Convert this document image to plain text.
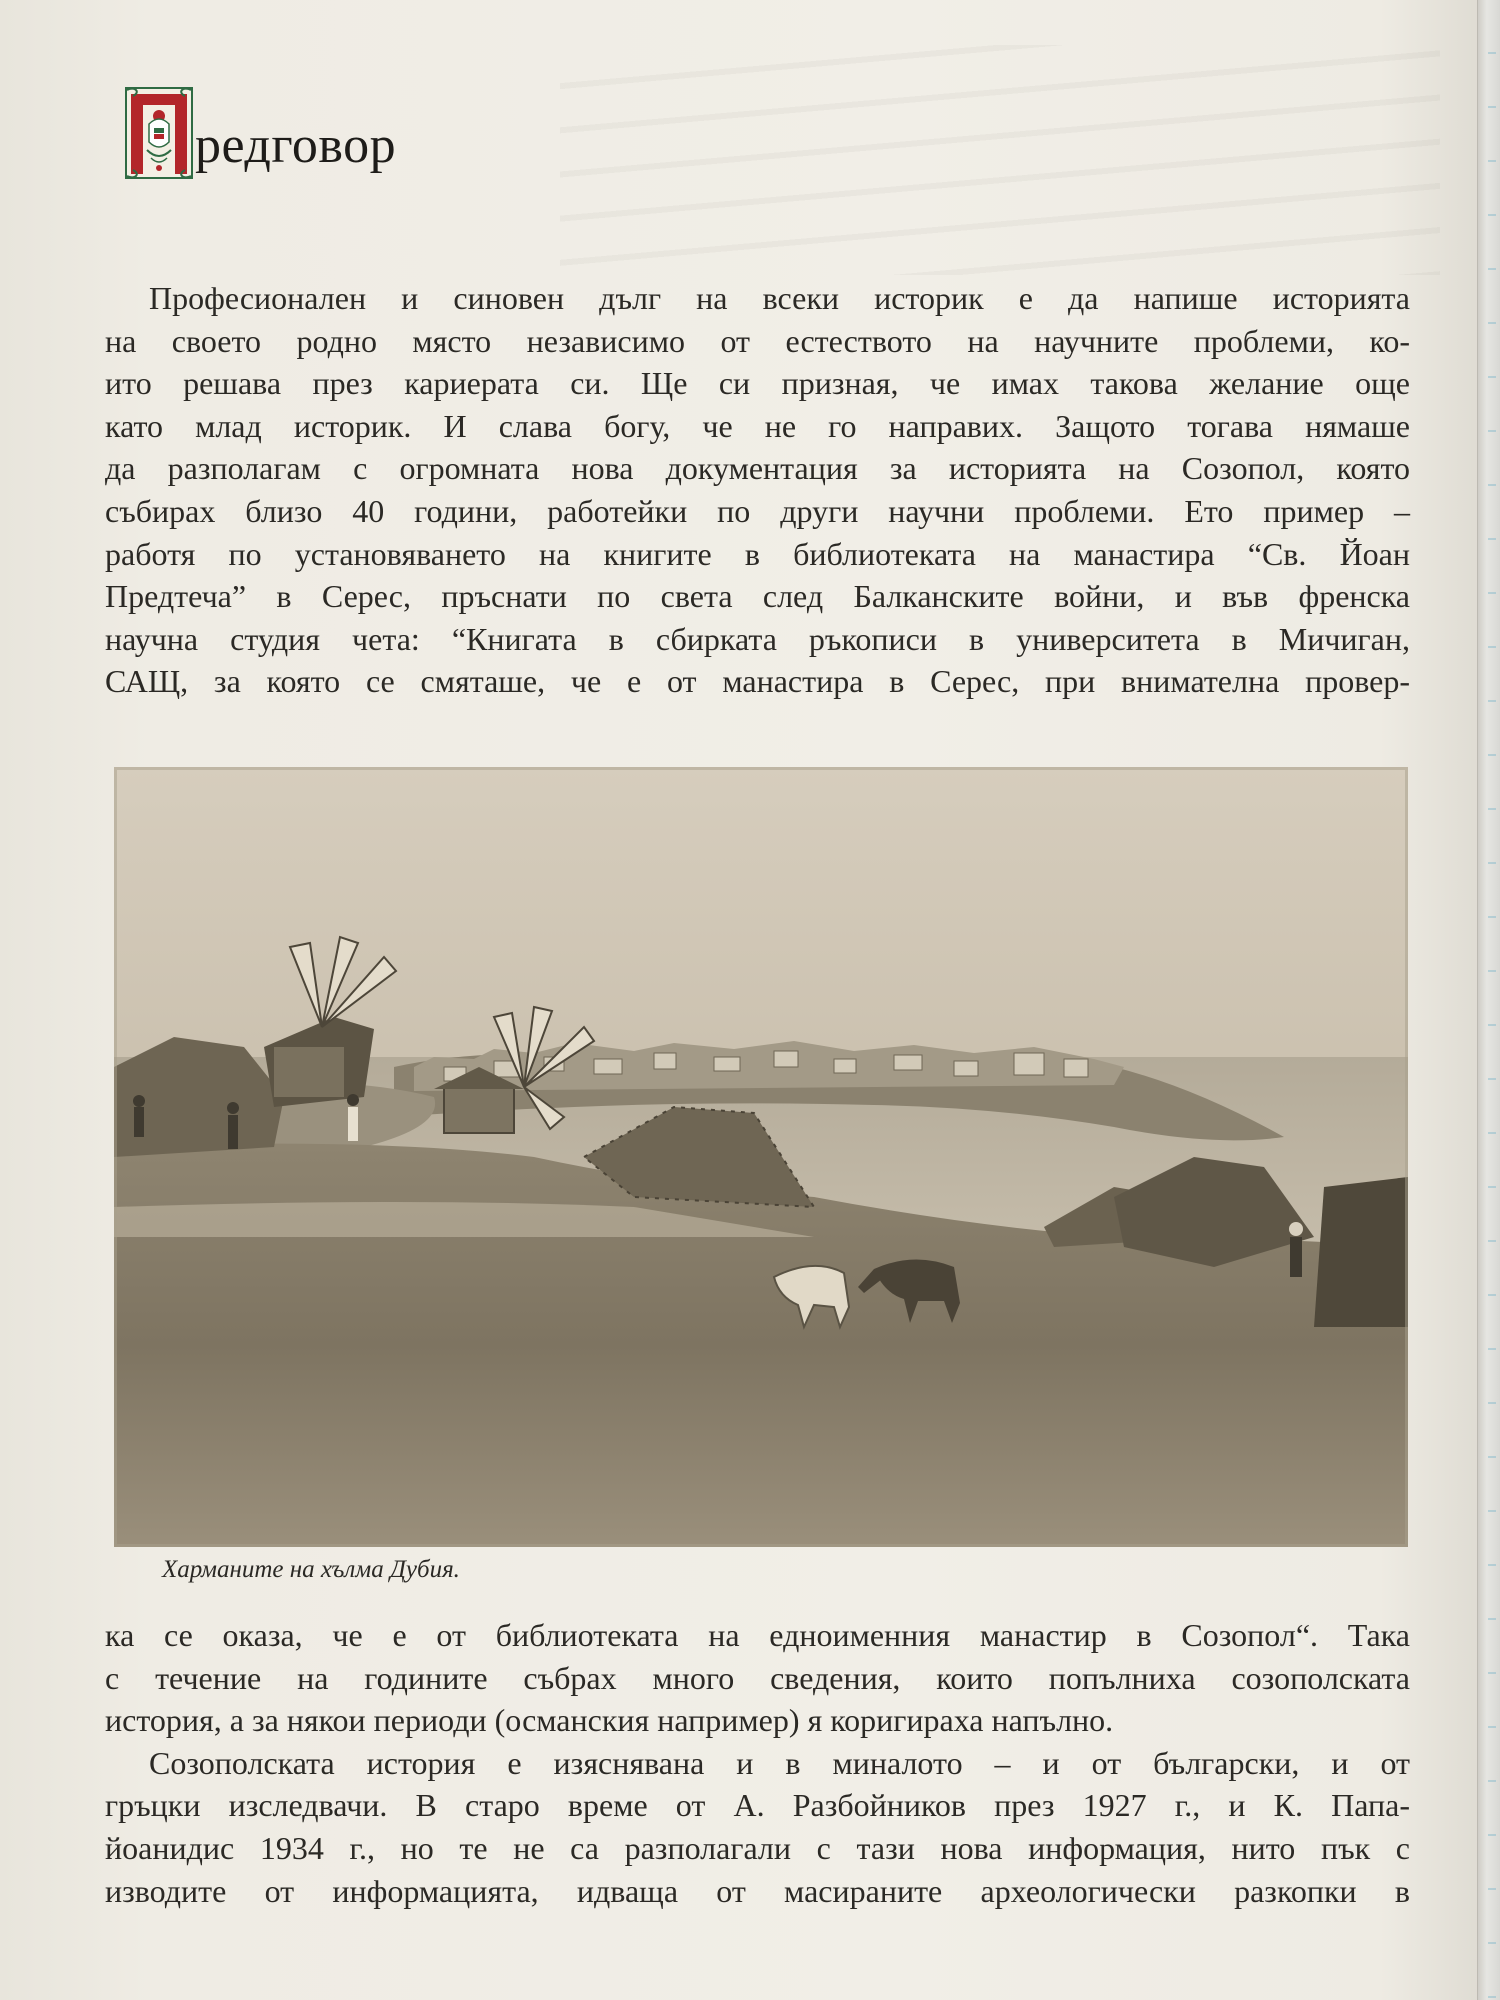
редговор
Професионален и синовен дълг на всеки историк е да напише историята
на своето родно място независимо от естеството на научните проблеми, ко-
ито решава през кариерата си. Ще си призная, че имах такова желание още
като млад историк. И слава богу, че не го направих. Защото тогава нямаше
да разполагам с огромната нова документация за историята на Созопол, която
събирах близо 40 години, работейки по други научни проблеми. Ето пример –
работя по установяването на книгите в библиотеката на манастира “Св. Йоан
Предтеча” в Серес, пръснати по света след Балканските войни, и във френска
научна студия чета: “Книгата в сбирката ръкописи в университета в Мичиган,
САЩ, за която се смяташе, че е от манастира в Серес, при внимателна провер-
Харманите на хълма Дубия.
ка се оказа, че е от библиотеката на едноименния манастир в Созопол“. Така
с течение на годините събрах много сведения, които попълниха созополската
история, а за някои периоди (османския например) я коригираха напълно.
Созополската история е изяснявана и в миналото – и от български, и от
гръцки изследвачи. В старо време от А. Разбойников през 1927 г., и К. Папа-
йоанидис 1934 г., но те не са разполагали с тази нова информация, нито пък с
изводите от информацията, идваща от масираните археологически разкопки в
